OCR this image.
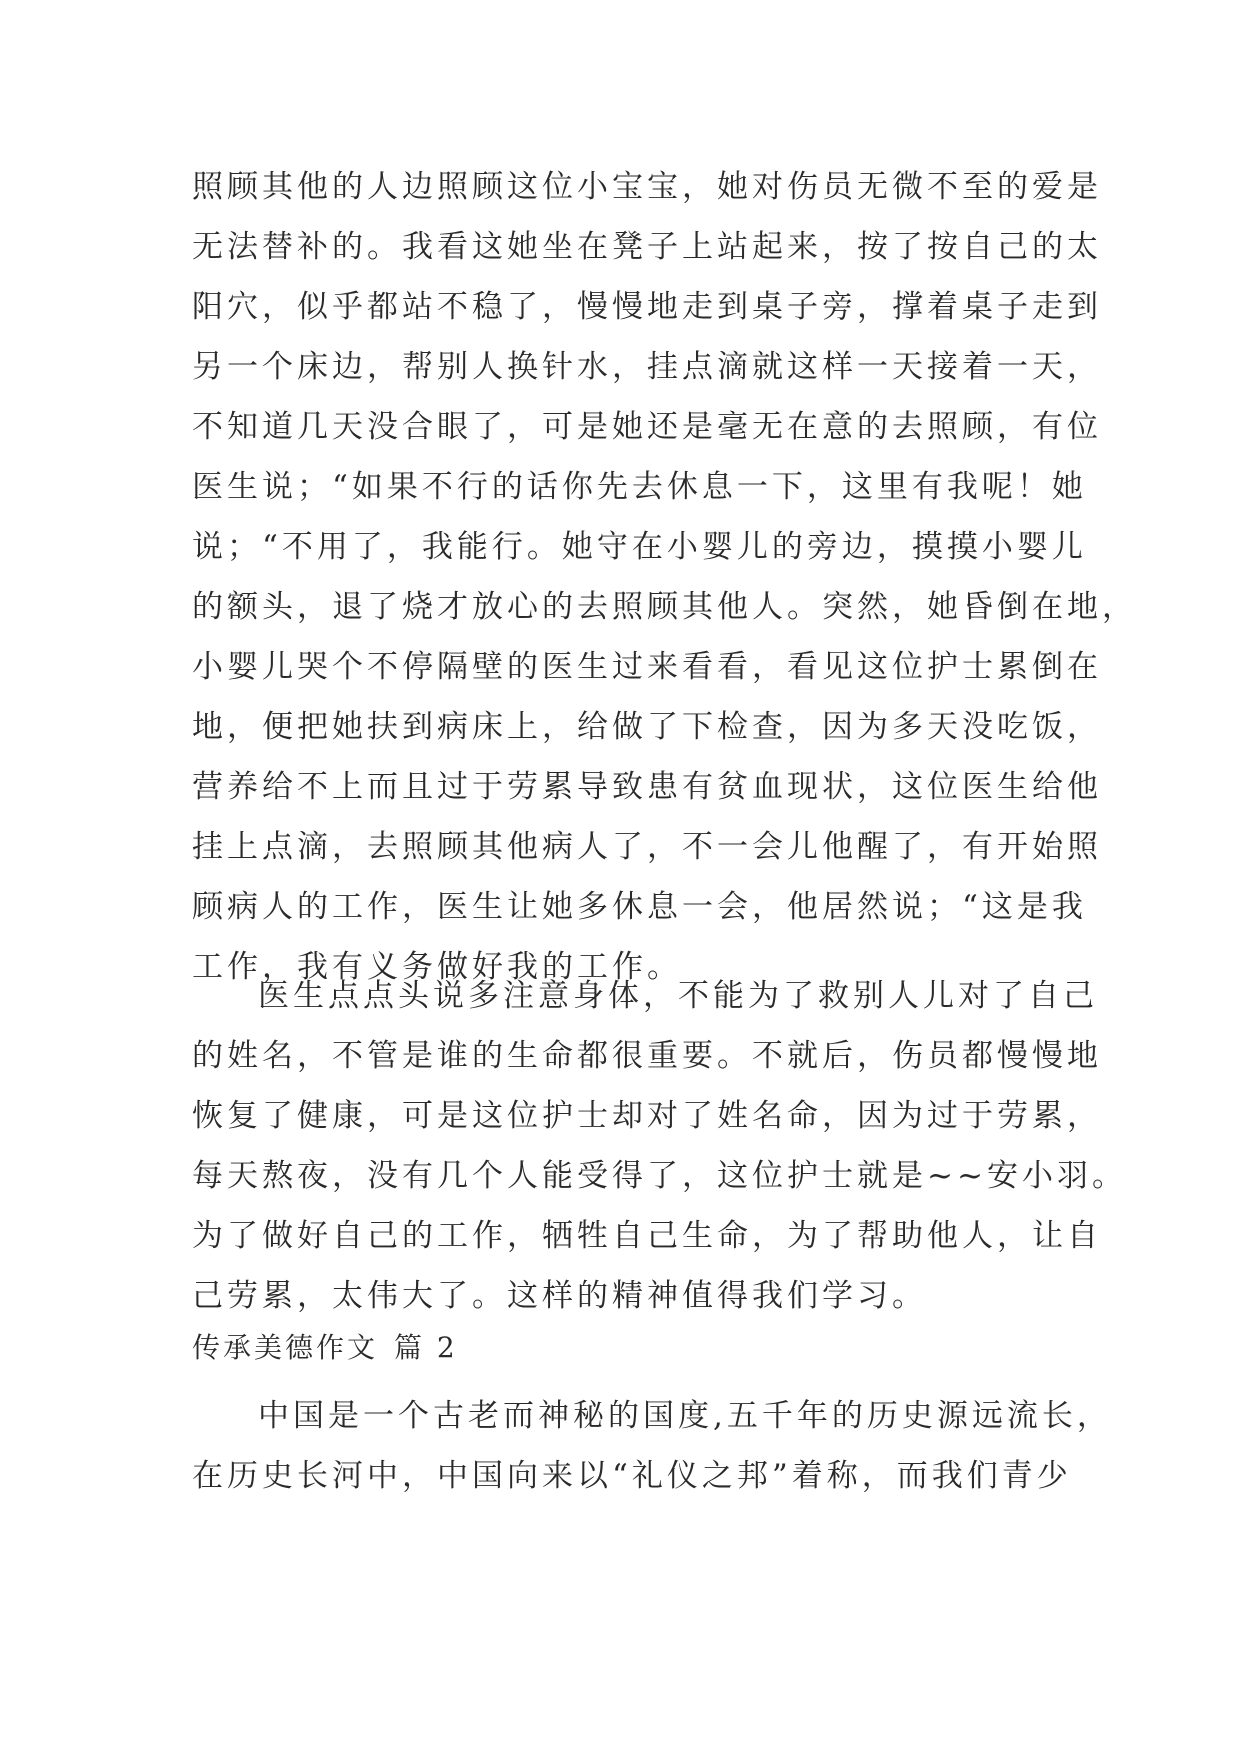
照顾其他的人边照顾这位小宝宝，她对伤员无微不至的爱是
无法替补的。我看这她坐在凳子上站起来，按了按自己的太
阳穴，似乎都站不稳了，慢慢地走到桌子旁，撑着桌子走到
另一个床边，帮别人换针水，挂点滴就这样一天接着一天，
不知道几天没合眼了，可是她还是毫无在意的去照顾，有位
医生说；“如果不行的话你先去休息一下，这里有我呢！她
说；“不用了，我能行。她守在小婴儿的旁边，摸摸小婴儿
的额头，退了烧才放心的去照顾其他人。突然，她昏倒在地，
小婴儿哭个不停隔壁的医生过来看看，看见这位护士累倒在
地，便把她扶到病床上，给做了下检查，因为多天没吃饭，
营养给不上而且过于劳累导致患有贫血现状，这位医生给他
挂上点滴，去照顾其他病人了，不一会儿他醒了，有开始照
顾病人的工作，医生让她多休息一会，他居然说；“这是我
工作，我有义务做好我的工作。
医生点点头说多注意身体，不能为了救别人儿对了自己
的姓名，不管是谁的生命都很重要。不就后，伤员都慢慢地
恢复了健康，可是这位护士却对了姓名命，因为过于劳累，
每天熬夜，没有几个人能受得了，这位护士就是~~安小羽。
为了做好自己的工作，牺牲自己生命，为了帮助他人，让自
己劳累，太伟大了。这样的精神值得我们学习。
传承美德作文 篇 2
中国是一个古老而神秘的国度,五千年的历史源远流长，
在历史长河中，中国向来以“礼仪之邦”着称，而我们青少
